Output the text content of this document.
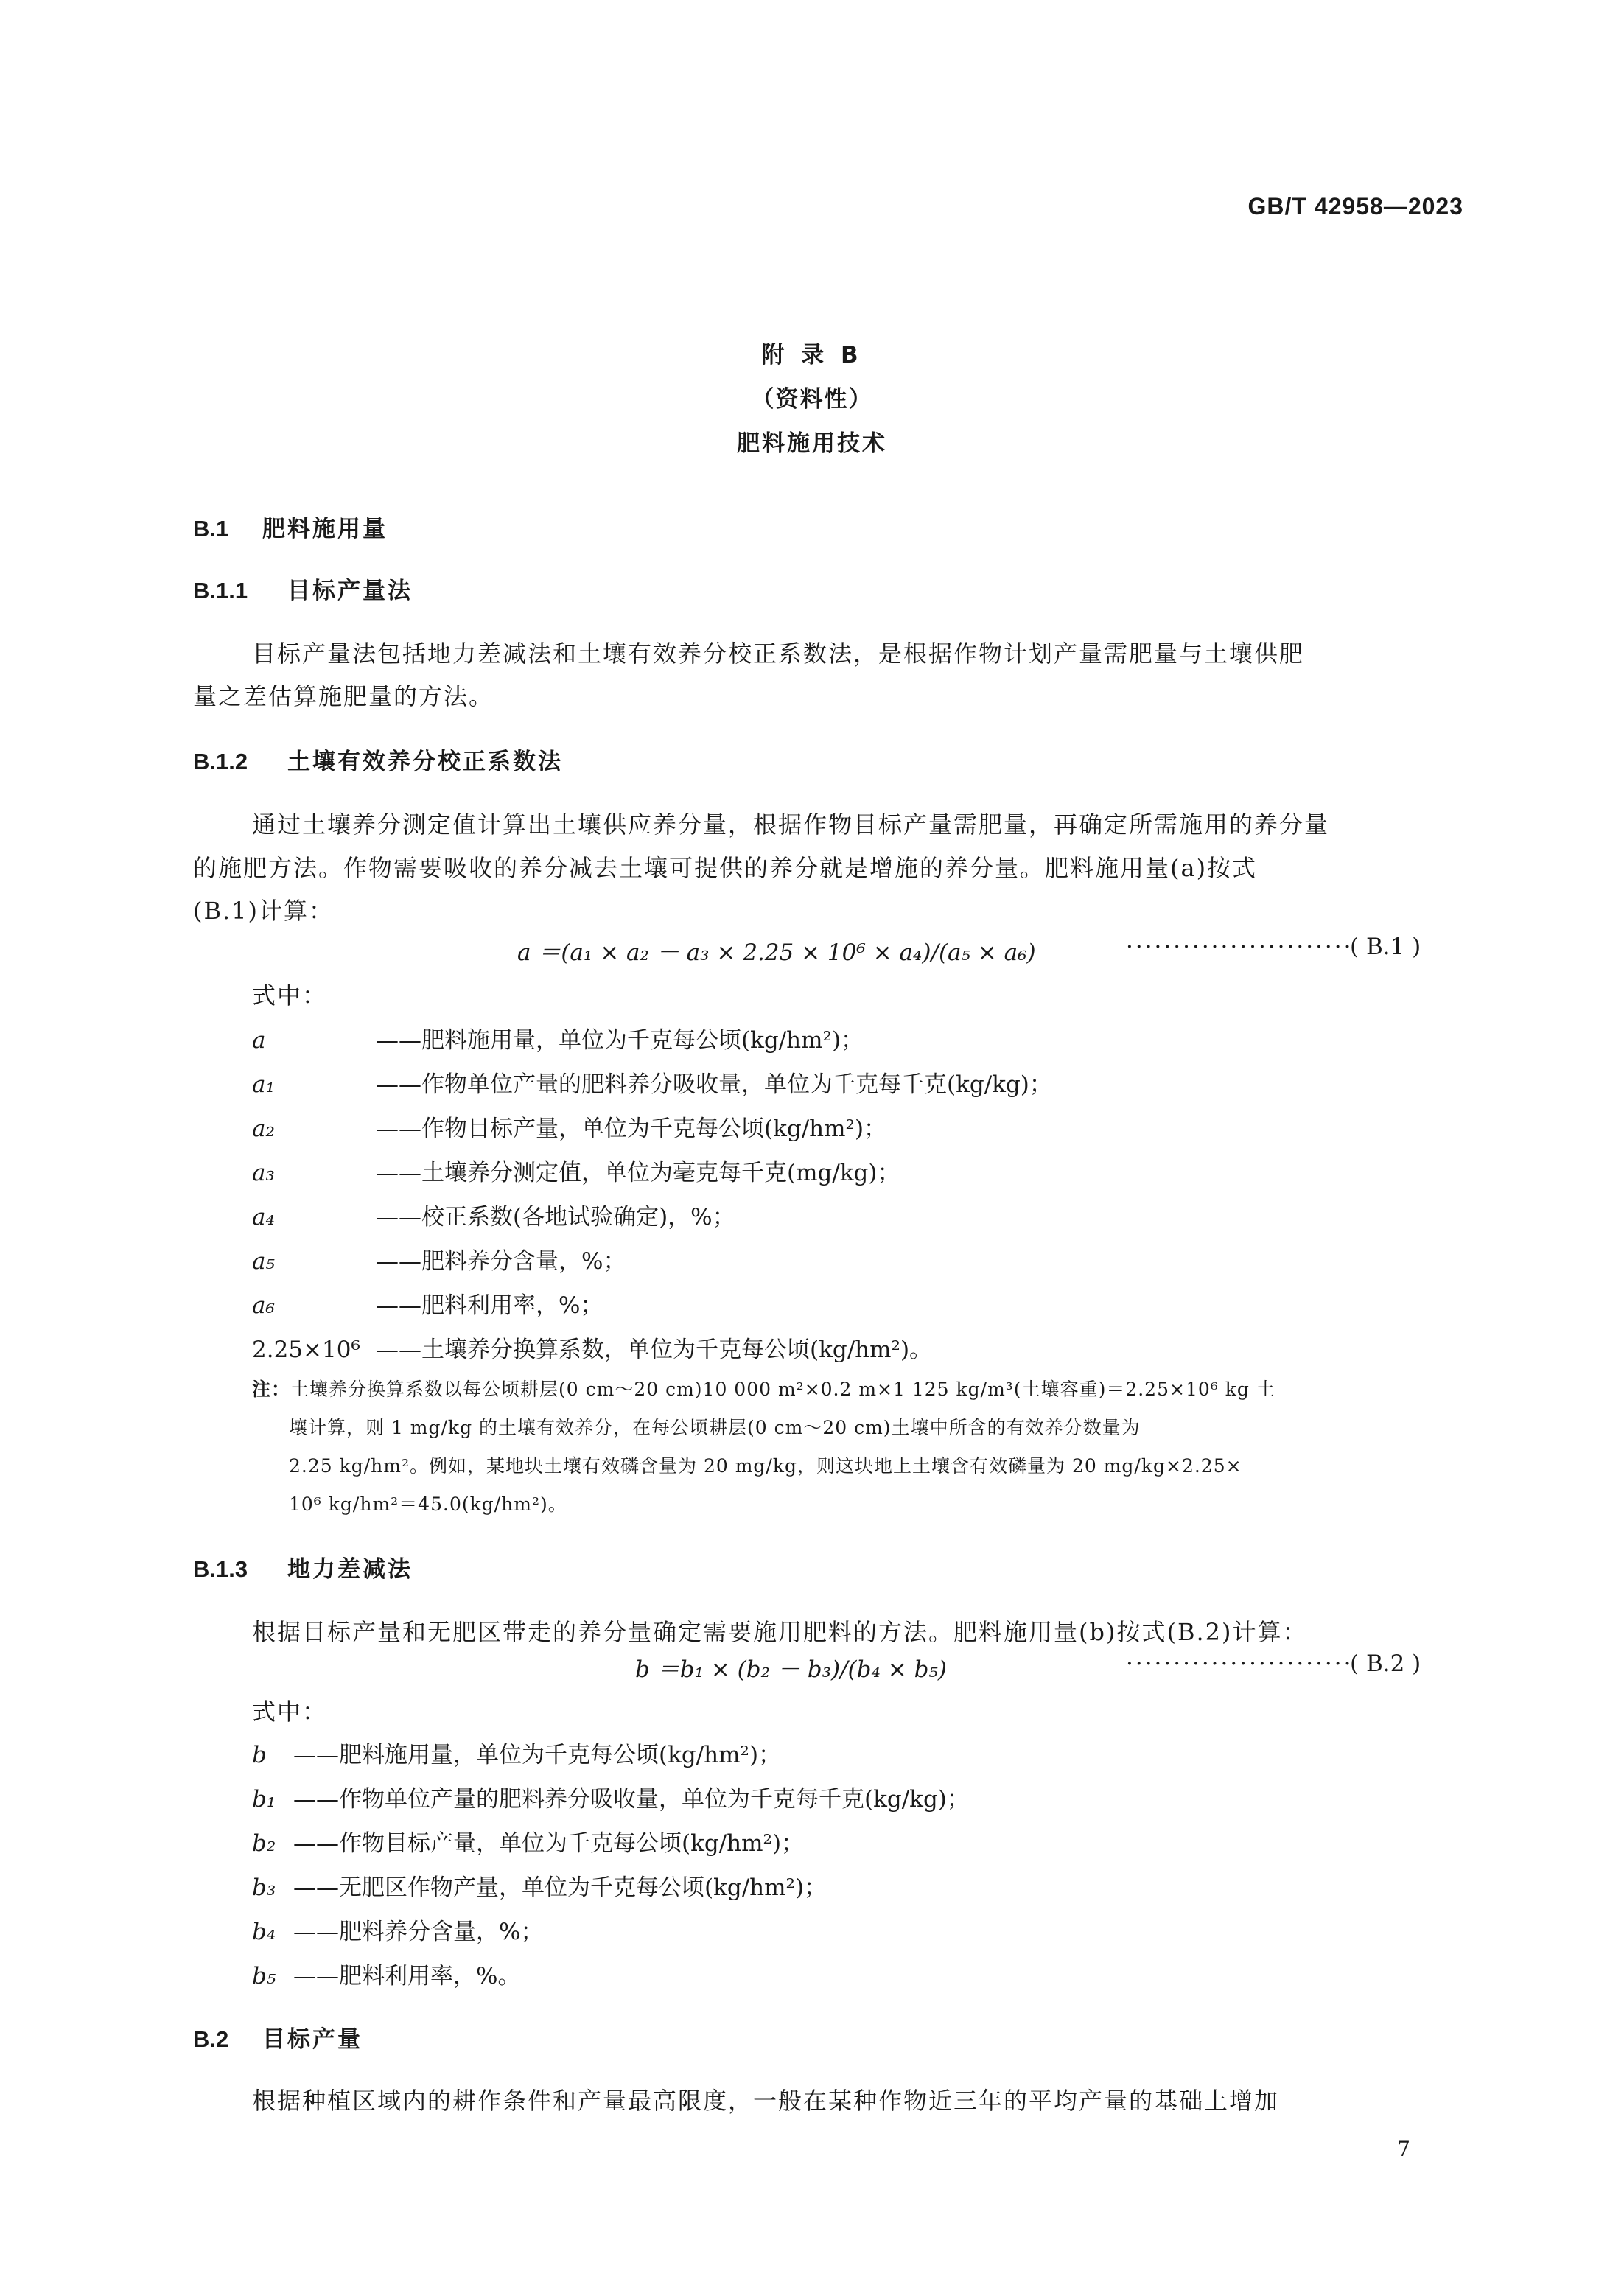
GB/T 42958—2023
附 录 B
（资料性）
肥料施用技术
B.1 肥料施用量
B.1.1 目标产量法
目标产量法包括地力差减法和土壤有效养分校正系数法，是根据作物计划产量需肥量与土壤供肥
量之差估算施肥量的方法。
B.1.2 土壤有效养分校正系数法
通过土壤养分测定值计算出土壤供应养分量，根据作物目标产量需肥量，再确定所需施用的养分量
的施肥方法。作物需要吸收的养分减去土壤可提供的养分就是增施的养分量。肥料施用量(a)按式
(B.1)计算：
a ＝(a₁ × a₂ － a₃ × 2.25 × 10⁶ × a₄)/(a₅ × a₆)	························
( B.1 )
式中：
a	——肥料施用量，单位为千克每公顷(kg/hm²)；
a₁	——作物单位产量的肥料养分吸收量，单位为千克每千克(kg/kg)；
a₂	——作物目标产量，单位为千克每公顷(kg/hm²)；
a₃	——土壤养分测定值，单位为毫克每千克(mg/kg)；
a₄	——校正系数(各地试验确定)，%；
a₅	——肥料养分含量，%；
a₆	——肥料利用率，%；
2.25×10⁶ ——土壤养分换算系数，单位为千克每公顷(kg/hm²)。
注：土壤养分换算系数以每公顷耕层(0 cm～20 cm)10 000 m²×0.2 m×1 125 kg/m³(土壤容重)＝2.25×10⁶ kg 土
壤计算，则 1 mg/kg 的土壤有效养分，在每公顷耕层(0 cm～20 cm)土壤中所含的有效养分数量为
2.25 kg/hm²。例如，某地块土壤有效磷含量为 20 mg/kg，则这块地上土壤含有效磷量为 20 mg/kg×2.25×
10⁶ kg/hm²＝45.0(kg/hm²)。
B.1.3 地力差减法
根据目标产量和无肥区带走的养分量确定需要施用肥料的方法。肥料施用量(b)按式(B.2)计算：
b ＝b₁ × (b₂ － b₃)/(b₄ × b₅)	························
( B.2 )
式中：
b ——肥料施用量，单位为千克每公顷(kg/hm²)；
b₁ ——作物单位产量的肥料养分吸收量，单位为千克每千克(kg/kg)；
b₂ ——作物目标产量，单位为千克每公顷(kg/hm²)；
b₃ ——无肥区作物产量，单位为千克每公顷(kg/hm²)；
b₄ ——肥料养分含量，%；
b₅ ——肥料利用率，%。
B.2 目标产量
根据种植区域内的耕作条件和产量最高限度，一般在某种作物近三年的平均产量的基础上增加
7
